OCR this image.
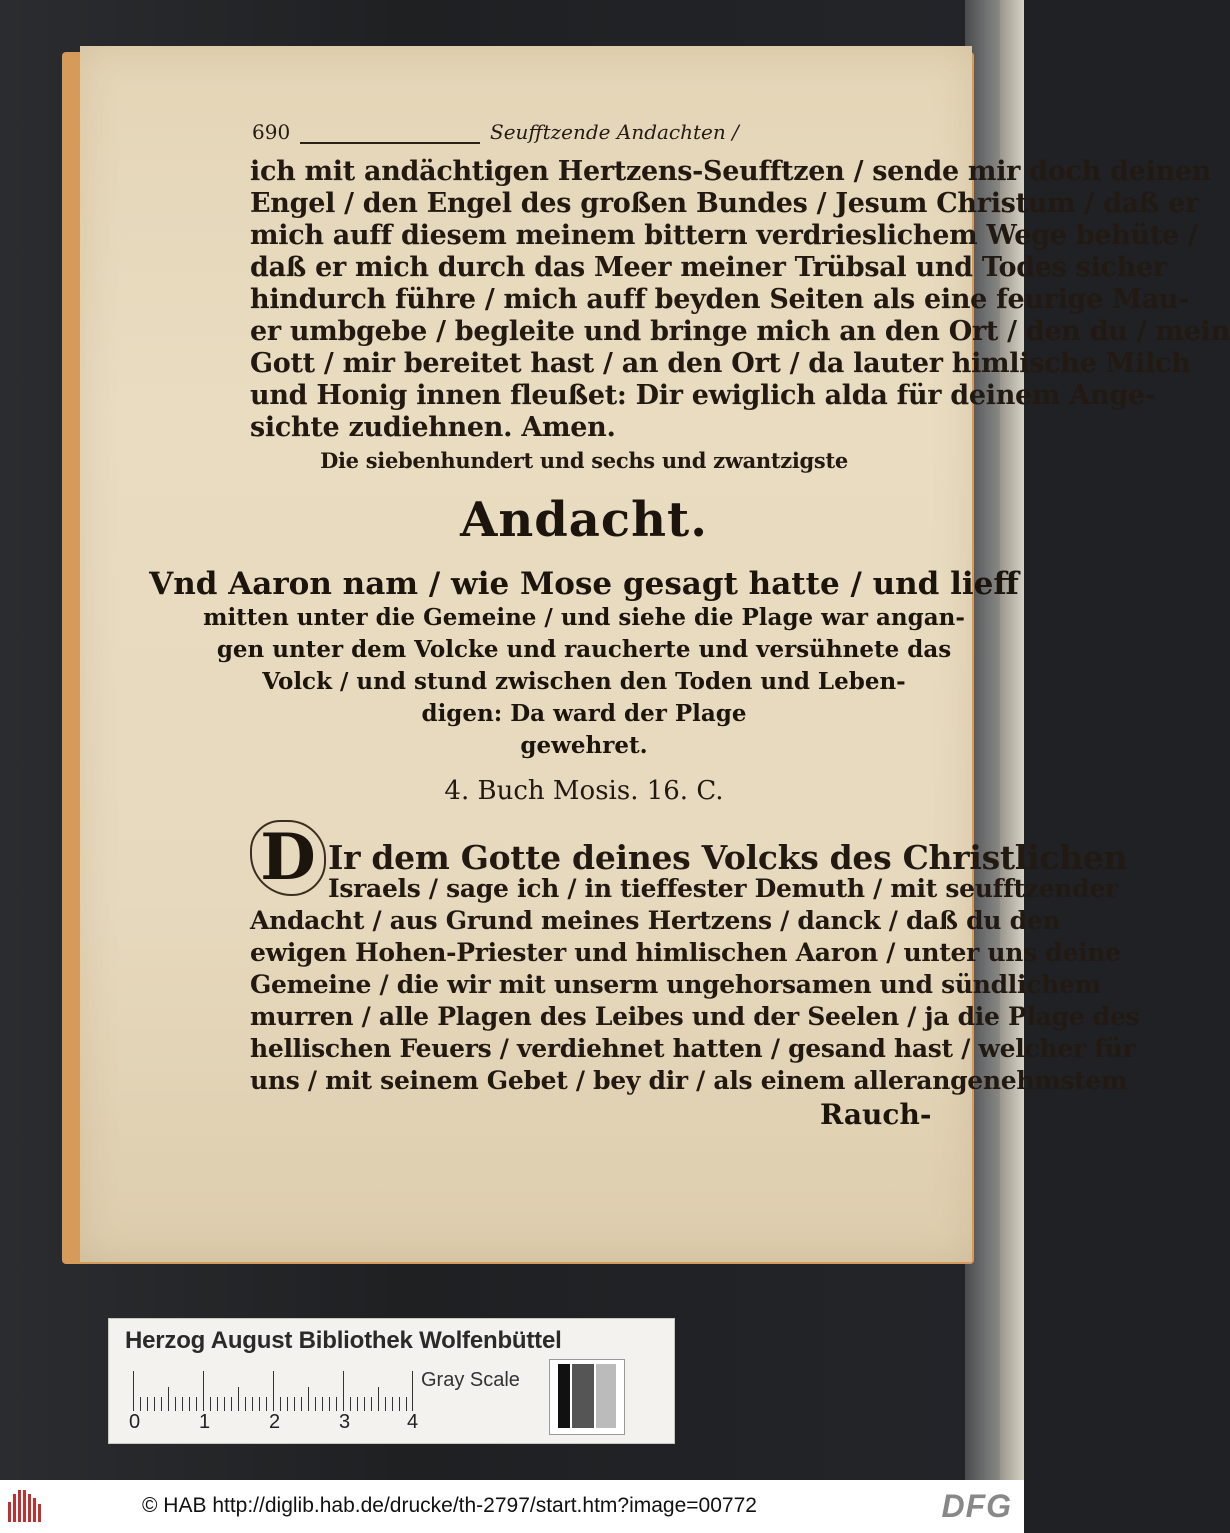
690	Seufftzende Andachten /
ich mit andächtigen Hertzens-Seufftzen / sende mir doch deinen
Engel / den Engel des großen Bundes / Jesum Christum / daß er
mich auff diesem meinem bittern verdrieslichem Wege behüte /
daß er mich durch das Meer meiner Trübsal und Todes sicher
hindurch führe / mich auff beyden Seiten als eine feurige Mau-
er umbgebe / begleite und bringe mich an den Ort / den du / mein
Gott / mir bereitet hast / an den Ort / da lauter himlische Milch
und Honig innen fleußet: Dir ewiglich alda für deinem Ange-
sichte zudiehnen. Amen.
Die siebenhundert und sechs und zwantzigste
Andacht.
Vnd Aaron nam / wie Mose gesagt hatte / und lieff
mitten unter die Gemeine / und siehe die Plage war angan-
gen unter dem Volcke und raucherte und versühnete das
Volck / und stund zwischen den Toden und Leben-
digen: Da ward der Plage
gewehret.
4. Buch Mosis. 16. C.
D Ir dem Gotte deines Volcks des Christlichen
Israels / sage ich / in tieffester Demuth / mit seufftzender
Andacht / aus Grund meines Hertzens / danck / daß du den
ewigen Hohen-Priester und himlischen Aaron / unter uns deine
Gemeine / die wir mit unserm ungehorsamen und sündlichem
murren / alle Plagen des Leibes und der Seelen / ja die Plage des
hellischen Feuers / verdiehnet hatten / gesand hast / welcher für
uns / mit seinem Gebet / bey dir / als einem allerangenehmstem
Rauch-
Herzog August Bibliothek Wolfenbüttel
0	1	2	3	4
Gray Scale
© HAB http://diglib.hab.de/drucke/th-2797/start.htm?image=00772	DFG
